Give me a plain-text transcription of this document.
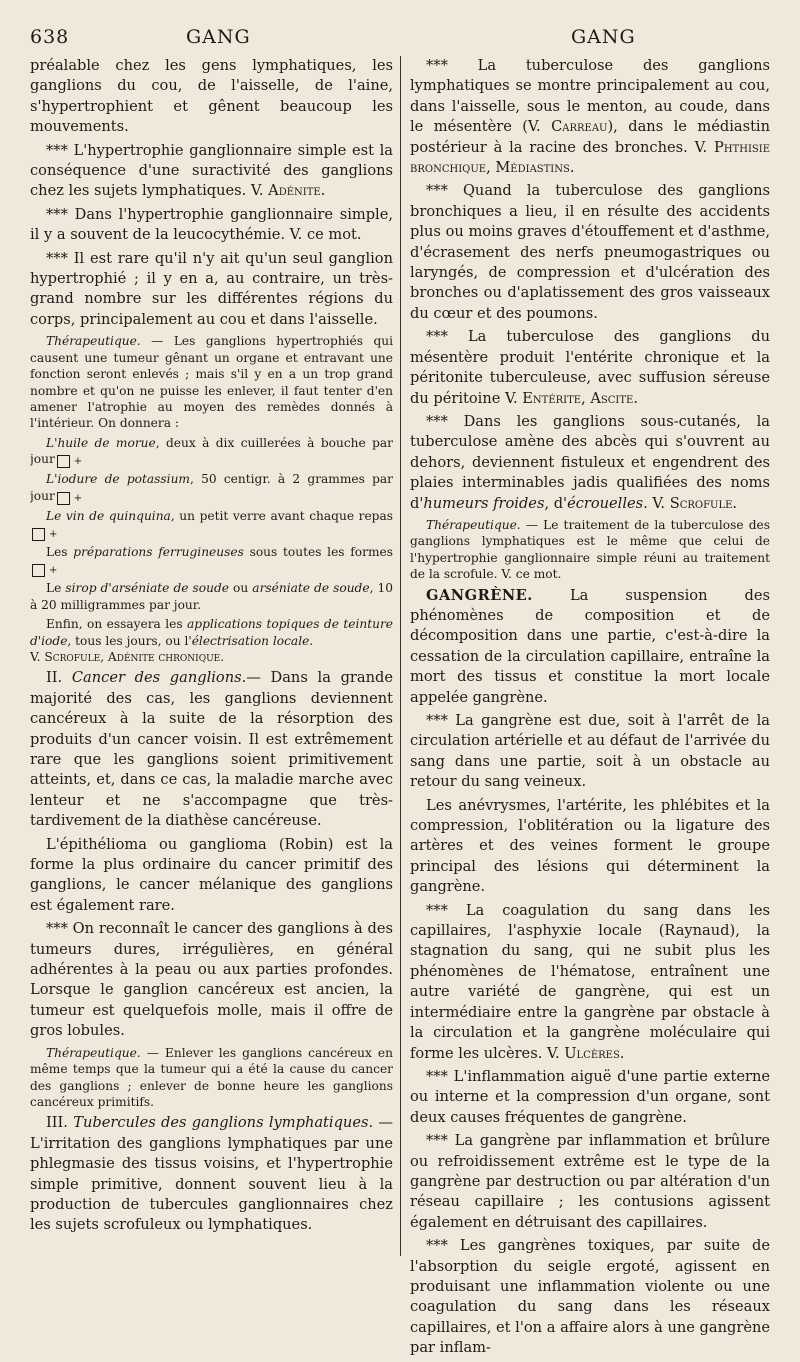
638	GANG	GANG

préalable chez les gens lymphatiques, les ganglions du cou, de l'aisselle, de l'aine, s'hypertrophient et gênent beaucoup les mouvements.

*** L'hypertrophie ganglionnaire simple est la conséquence d'une suractivité des ganglions chez les sujets lymphatiques. V. Adénite.

*** Dans l'hypertrophie ganglionnaire simple, il y a souvent de la leucocythémie. V. ce mot.

*** Il est rare qu'il n'y ait qu'un seul ganglion hypertrophié ; il y en a, au contraire, un très-grand nombre sur les différentes régions du corps, principalement au cou et dans l'aisselle.

Thérapeutique. — Les ganglions hypertrophiés qui causent une tumeur gênant un organe et entravant une fonction seront enlevés ; mais s'il y en a un trop grand nombre et qu'on ne puisse les enlever, il faut tenter d'en amener l'atrophie au moyen des remèdes donnés à l'intérieur. On donnera :

L'huile de morue, deux à dix cuillerées à bouche par jour +

L'iodure de potassium, 50 centigr. à 2 grammes par jour +

Le vin de quinquina, un petit verre avant chaque repas+

Les préparations ferrugineuses sous toutes les formes+

Le sirop d'arséniate de soude ou arséniate de soude, 10 à 20 milligrammes par jour.

Enfin, on essayera les applications topiques de teinture d'iode, tous les jours, ou l'électrisation locale.
V. Scrofule, Adénite chronique.

II. Cancer des ganglions.— Dans la grande majorité des cas, les ganglions deviennent cancéreux à la suite de la résorption des produits d'un cancer voisin. Il est extrêmement rare que les ganglions soient primitivement atteints, et, dans ce cas, la maladie marche avec lenteur et ne s'accompagne que très-tardivement de la diathèse cancéreuse.

L'épithélioma ou ganglioma (Robin) est la forme la plus ordinaire du cancer primitif des ganglions, le cancer mélanique des ganglions est également rare.

*** On reconnaît le cancer des ganglions à des tumeurs dures, irrégulières, en général adhérentes à la peau ou aux parties profondes. Lorsque le ganglion cancéreux est ancien, la tumeur est quelquefois molle, mais il offre de gros lobules.

Thérapeutique. — Enlever les ganglions cancéreux en même temps que la tumeur qui a été la cause du cancer des ganglions ; enlever de bonne heure les ganglions cancéreux primitifs.

III. Tubercules des ganglions lymphatiques. — L'irritation des ganglions lymphatiques par une phlegmasie des tissus voisins, et l'hypertrophie simple primitive, donnent souvent lieu à la production de tubercules ganglionnaires chez les sujets scrofuleux ou lymphatiques.

*** La tuberculose des ganglions lymphatiques se montre principalement au cou, dans l'aisselle, sous le menton, au coude, dans le mésentère (V. Carreau), dans le médiastin postérieur à la racine des bronches. V. Phthisie bronchique, Médiastins.

*** Quand la tuberculose des ganglions bronchiques a lieu, il en résulte des accidents plus ou moins graves d'étouffement et d'asthme, d'écrasement des nerfs pneumogastriques ou laryngés, de compression et d'ulcération des bronches ou d'aplatissement des gros vaisseaux du cœur et des poumons.

*** La tuberculose des ganglions du mésentère produit l'entérite chronique et la péritonite tuberculeuse, avec suffusion séreuse du péritoine V. Entérite, Ascite.

*** Dans les ganglions sous-cutanés, la tuberculose amène des abcès qui s'ouvrent au dehors, deviennent fistuleux et engendrent des plaies interminables jadis qualifiées des noms d'humeurs froides, d'écrouelles. V. Scrofule.

Thérapeutique. — Le traitement de la tuberculose des ganglions lymphatiques est le même que celui de l'hypertrophie ganglionnaire simple réuni au traitement de la scrofule. V. ce mot.

GANGRÈNE. La suspension des phénomènes de composition et de décomposition dans une partie, c'est-à-dire la cessation de la circulation capillaire, entraîne la mort des tissus et constitue la mort locale appelée gangrène.

*** La gangrène est due, soit à l'arrêt de la circulation artérielle et au défaut de l'arrivée du sang dans une partie, soit à un obstacle au retour du sang veineux.

Les anévrysmes, l'artérite, les phlébites et la compression, l'oblitération ou la ligature des artères et des veines forment le groupe principal des lésions qui déterminent la gangrène.

*** La coagulation du sang dans les capillaires, l'asphyxie locale (Raynaud), la stagnation du sang, qui ne subit plus les phénomènes de l'hématose, entraînent une autre variété de gangrène, qui est un intermédiaire entre la gangrène par obstacle à la circulation et la gangrène moléculaire qui forme les ulcères. V. Ulcères.

*** L'inflammation aiguë d'une partie externe ou interne et la compression d'un organe, sont deux causes fréquentes de gangrène.

*** La gangrène par inflammation et brûlure ou refroidissement extrême est le type de la gangrène par destruction ou par altération d'un réseau capillaire ; les contusions agissent également en détruisant des capillaires.

*** Les gangrènes toxiques, par suite de l'absorption du seigle ergoté, agissent en produisant une inflammation violente ou une coagulation du sang dans les réseaux capillaires, et l'on a affaire alors à une gangrène par inflam-
